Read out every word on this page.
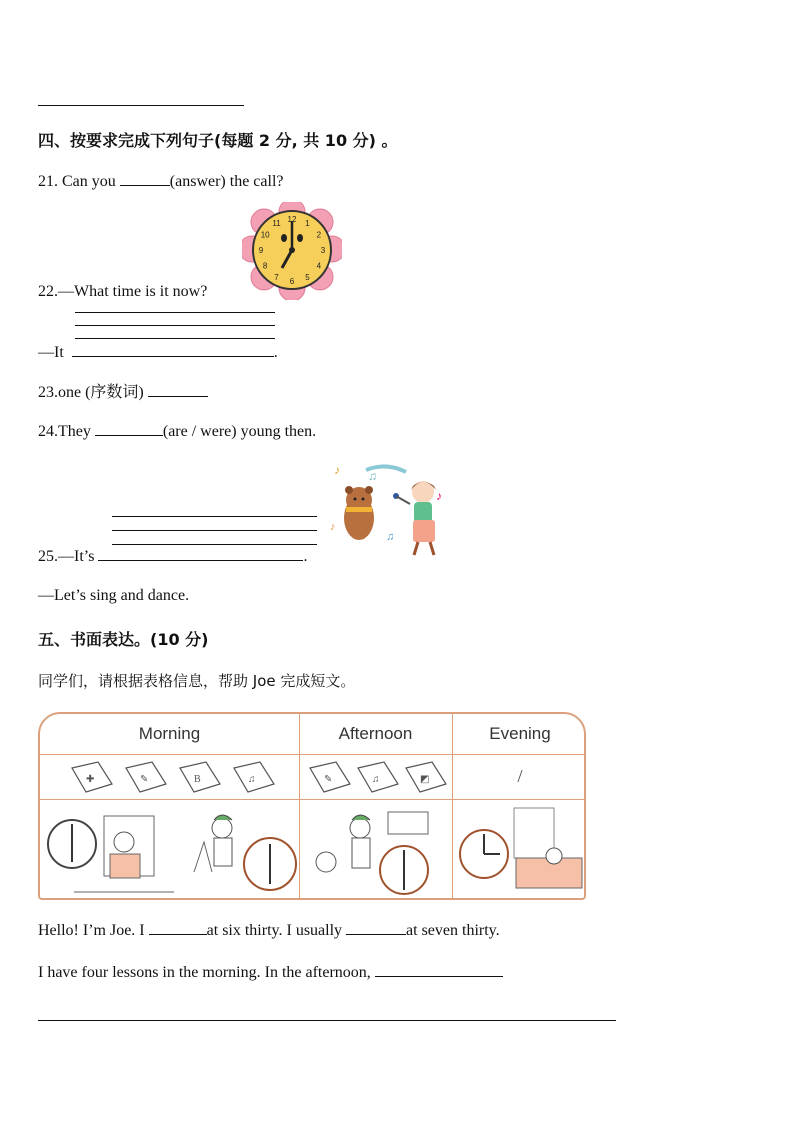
四、按要求完成下列句子(每题 2 分, 共 10 分) 。
21. Can you	(answer) the call?
12 1
2
3
4
5
6
7
8
9
10
11
22.—What time is it now?
—It	.
23.one (序数词)
24.They	(are / were) young then.
♪ ♫
♪
♪
♫
25.—It’s	.
—Let’s sing and dance.
五、书面表达。(10 分)
同学们，请根据表格信息，帮助 Joe 完成短文。
Morning	Afternoon	Evening
✚	✎	B	♫	✎	♫	◩	/
Hello! I’m Joe. I	at six thirty. I usually	at seven thirty.
I have four lessons in the morning. In the afternoon,
